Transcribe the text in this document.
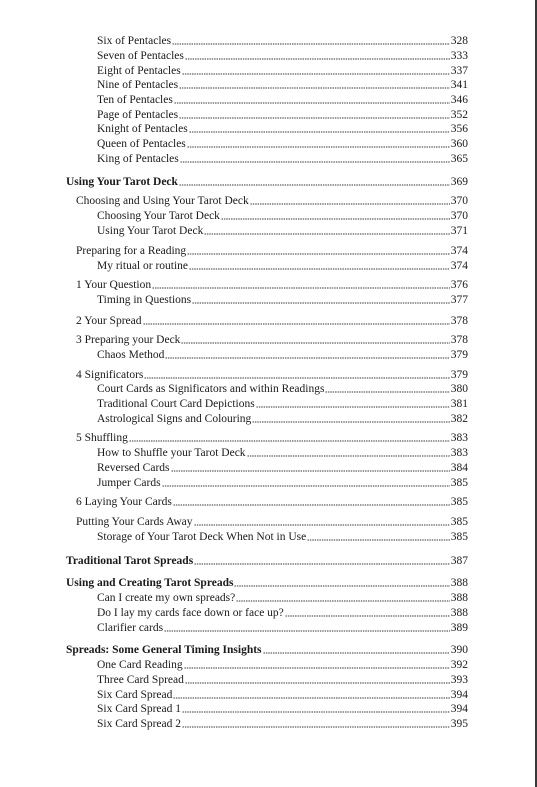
Six of Pentacles	328
Seven of Pentacles	333
Eight of Pentacles	337
Nine of Pentacles	341
Ten of Pentacles	346
Page of Pentacles	352
Knight of Pentacles	356
Queen of Pentacles	360
King of Pentacles	365
Using Your Tarot Deck	369
Choosing and Using Your Tarot Deck	370
Choosing Your Tarot Deck	370
Using Your Tarot Deck	371
Preparing for a Reading	374
My ritual or routine	374
1 Your Question	376
Timing in Questions	377
2 Your Spread	378
3 Preparing your Deck	378
Chaos Method	379
4 Significators	379
Court Cards as Significators and within Readings	380
Traditional Court Card Depictions	381
Astrological Signs and Colouring	382
5 Shuffling	383
How to Shuffle your Tarot Deck	383
Reversed Cards	384
Jumper Cards	385
6 Laying Your Cards	385
Putting Your Cards Away	385
Storage of Your Tarot Deck When Not in Use	385
Traditional Tarot Spreads	387
Using and Creating Tarot Spreads	388
Can I create my own spreads?	388
Do I lay my cards face down or face up?	388
Clarifier cards	389
Spreads: Some General Timing Insights	390
One Card Reading	392
Three Card Spread	393
Six Card Spread	394
Six Card Spread 1	394
Six Card Spread 2	395
